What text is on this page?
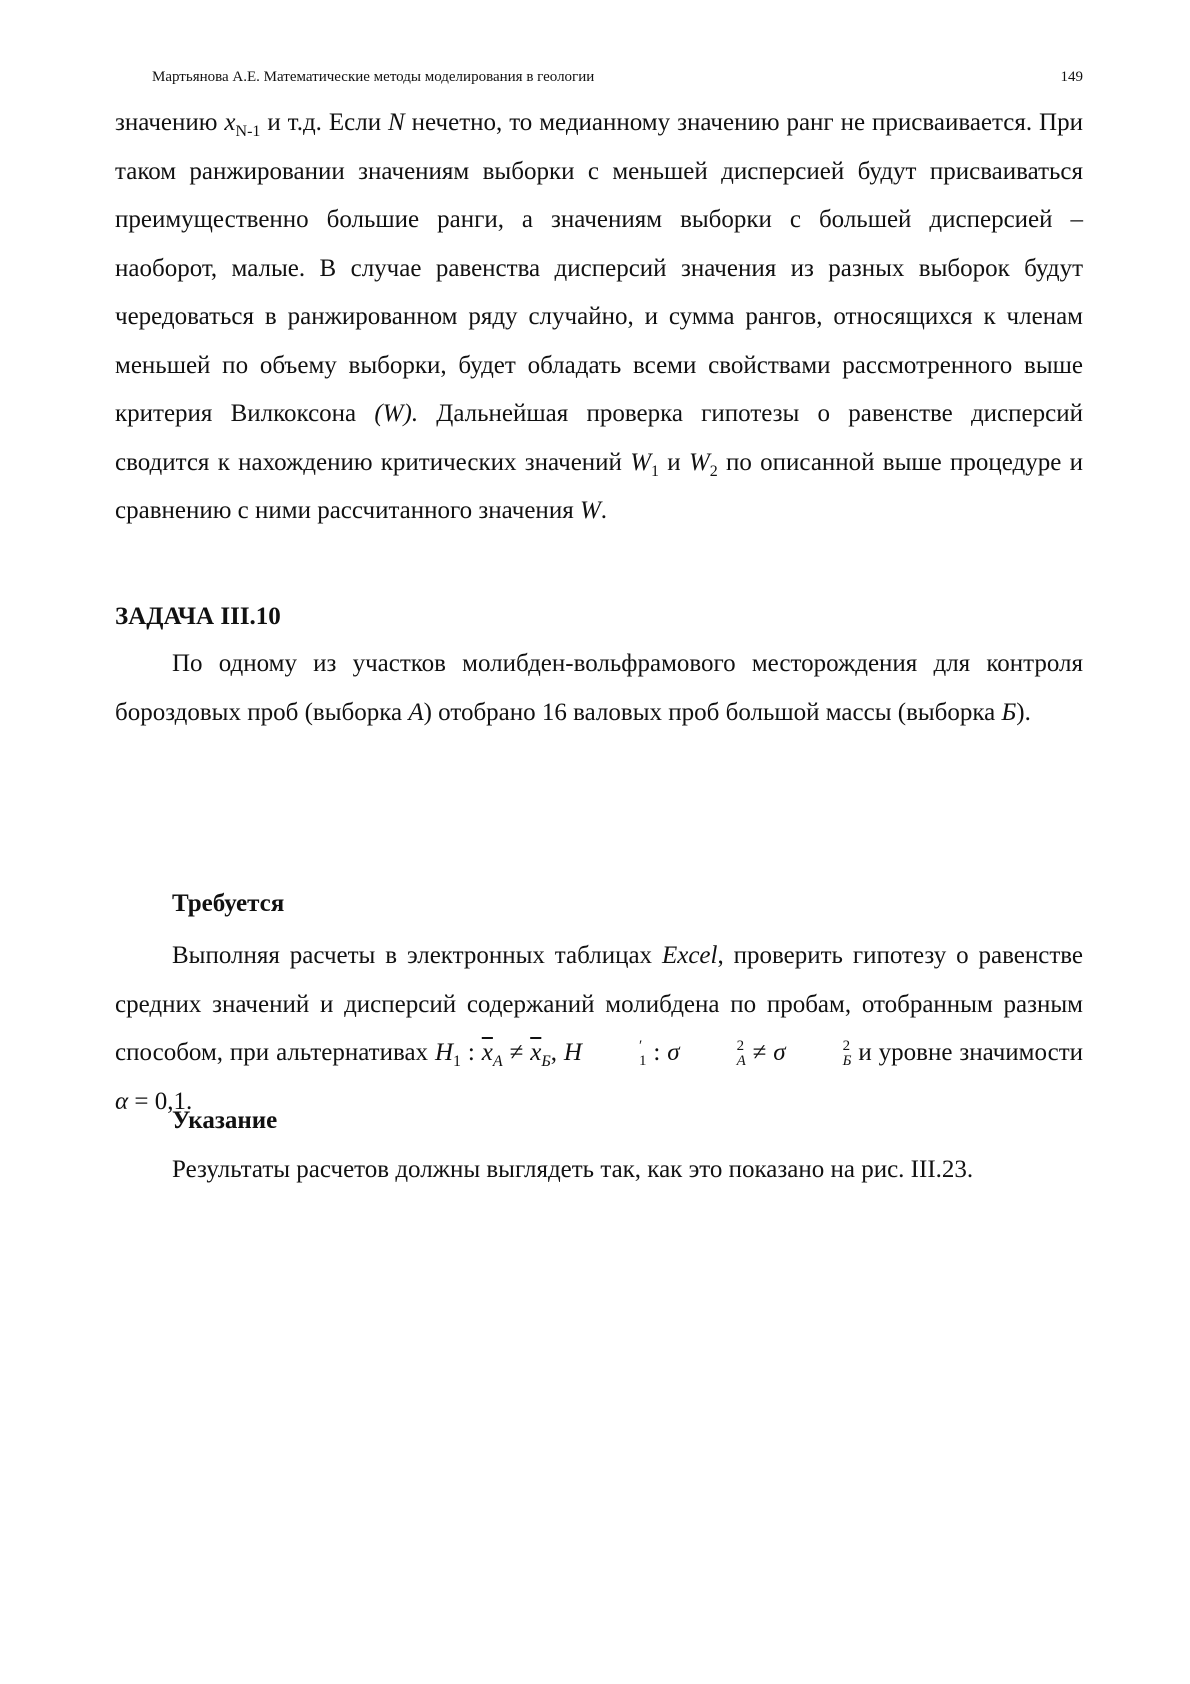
Мартьянова А.Е. Математические методы моделирования в геологии	149

значению $x_{N-1}$ и т.д. Если N нечетно, то медианному значению ранг не присваивается. При таком ранжировании значениям выборки с меньшей дисперсией будут присваиваться преимущественно большие ранги, а значениям выборки с большей дисперсией – наоборот, малые. В случае равенства дисперсий значения из разных выборок будут чередоваться в ранжированном ряду случайно, и сумма рангов, относящихся к членам меньшей по объему выборки, будет обладать всеми свойствами рассмотренного выше критерия Вилкоксона (W). Дальнейшая проверка гипотезы о равенстве дисперсий сводится к нахождению критических значений $W_1$ и $W_2$ по описанной выше процедуре и сравнению с ними рассчитанного значения W.

ЗАДАЧА III.10

По одному из участков молибден-вольфрамового месторождения для контроля бороздовых проб (выборка А) отобрано 16 валовых проб большой массы (выборка Б).

Требуется

Выполняя расчеты в электронных таблицах Excel, проверить гипотезу о равенстве средних значений и дисперсий содержаний молибдена по пробам, отобранным разным способом, при альтернативах $H_1$ : $\overline{x}_A \ne \overline{x}_Б$, H	′
1 : σ	2
A ≠ σ	2
Б и уровне значимости α = 0,1.

Указание

Результаты расчетов должны выглядеть так, как это показано на рис. III.23.
